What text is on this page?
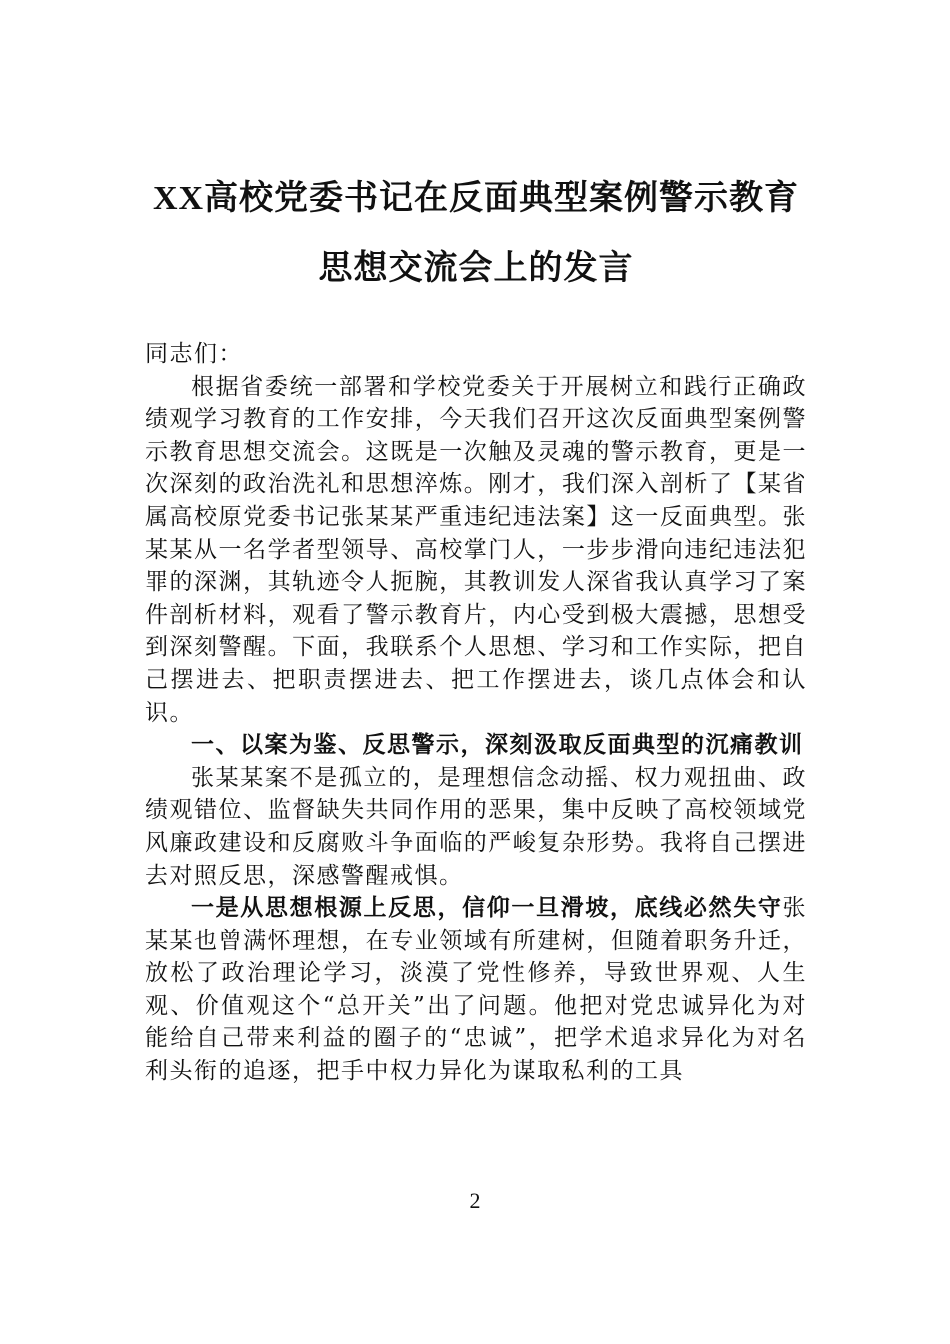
XX高校党委书记在反面典型案例警示教育
思想交流会上的发言

同志们：

根据省委统一部署和学校党委关于开展树立和践行正确政绩观学习教育的工作安排，今天我们召开这次反面典型案例警示教育思想交流会。这既是一次触及灵魂的警示教育，更是一次深刻的政治洗礼和思想淬炼。刚才，我们深入剖析了【某省属高校原党委书记张某某严重违纪违法案】这一反面典型。张某某从一名学者型领导、高校掌门人，一步步滑向违纪违法犯罪的深渊，其轨迹令人扼腕，其教训发人深省我认真学习了案件剖析材料，观看了警示教育片，内心受到极大震撼，思想受到深刻警醒。下面，我联系个人思想、学习和工作实际，把自己摆进去、把职责摆进去、把工作摆进去，谈几点体会和认识。

一、以案为鉴、反思警示，深刻汲取反面典型的沉痛教训

张某某案不是孤立的，是理想信念动摇、权力观扭曲、政绩观错位、监督缺失共同作用的恶果，集中反映了高校领域党风廉政建设和反腐败斗争面临的严峻复杂形势。我将自己摆进去对照反思，深感警醒戒惧。

一是从思想根源上反思，信仰一旦滑坡，底线必然失守张某某也曾满怀理想，在专业领域有所建树，但随着职务升迁，放松了政治理论学习，淡漠了党性修养，导致世界观、人生观、价值观这个“总开关”出了问题。他把对党忠诚异化为对能给自己带来利益的圈子的“忠诚”，把学术追求异化为对名利头衔的追逐，把手中权力异化为谋取私利的工具

2
